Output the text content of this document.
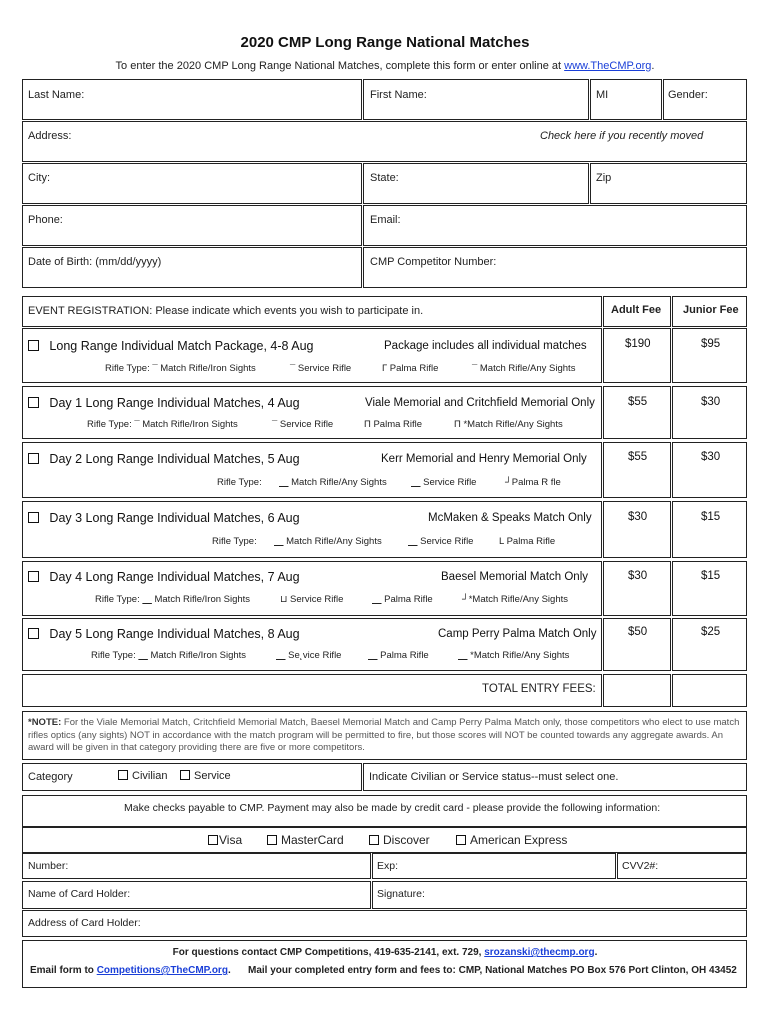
2020 CMP Long Range National Matches
To enter the 2020 CMP Long Range National Matches, complete this form or enter online at www.TheCMP.org.
Last Name:	First Name:	MI	Gender:
Address:	Check here if you recently moved
City:	State:	Zip
Phone:	Email:
Date of Birth: (mm/dd/yyyy)	CMP Competitor Number:
EVENT REGISTRATION: Please indicate which events you wish to participate in.	Adult Fee Junior Fee
Long Range Individual Match Package, 4-8 Aug	Package includes all individual matches	$190	$95
Rifle Type: ¯ Match Rifle/Iron Sights	¯ Service Rifle	Г Palma Rifle	¯ Match Rifle/Any Sights
Day 1 Long Range Individual Matches, 4 Aug	Viale Memorial and Critchfield Memorial Only	$55	$30
Rifle Type: ¯ Match Rifle/Iron Sights	¯ Service Rifle	П Palma Rifle	П *Match Rifle/Any Sights
Day 2 Long Range Individual Matches, 5 Aug	Kerr Memorial and Henry Memorial Only	$55	$30
Rifle Type: ⎽ Match Rifle/Any Sights	⎽ Service Rifle	┘Palma R fle
Day 3 Long Range Individual Matches, 6 Aug	McMaken & Speaks Match Only	$30	$15
Rifle Type: ⎽ Match Rifle/Any Sights	⎽ Service Rifle	L Palma Rifle
Day 4 Long Range Individual Matches, 7 Aug	Baesel Memorial Match Only	$30	$15
Rifle Type: ⎽ Match Rifle/Iron Sights	⊔ Service Rifle	⎽ Palma Rifle	┘*Match Rifle/Any Sights
Day 5 Long Range Individual Matches, 8 Aug	Camp Perry Palma Match Only	$50	$25
Rifle Type: ⎽ Match Rifle/Iron Sights	⎽ Se˛vice Rifle	⎽ Palma Rifle	⎽ *Match Rifle/Any Sights
TOTAL ENTRY FEES:
*NOTE: For the Viale Memorial Match, Critchfield Memorial Match, Baesel Memorial Match and Camp Perry Palma Match only, those competitors who elect to use match rifles optics (any sights) NOT in accordance with the match program will be permitted to fire, but those scores will NOT be counted towards any aggregate awards. An award will be given in that category providing there are five or more competitors.
Category	Civilian	Service	Indicate Civilian or Service status--must select one.
Make checks payable to CMP. Payment may also be made by credit card - please provide the following information:
Visa	MasterCard	Discover	American Express
Number:	Exp:	CVV2#:
Name of Card Holder:	Signature:
Address of Card Holder:
For questions contact CMP Competitions, 419-635-2141, ext. 729, srozanski@thecmp.org.
Email form to Competitions@TheCMP.org. Mail your completed entry form and fees to: CMP, National Matches PO Box 576 Port Clinton, OH 43452
